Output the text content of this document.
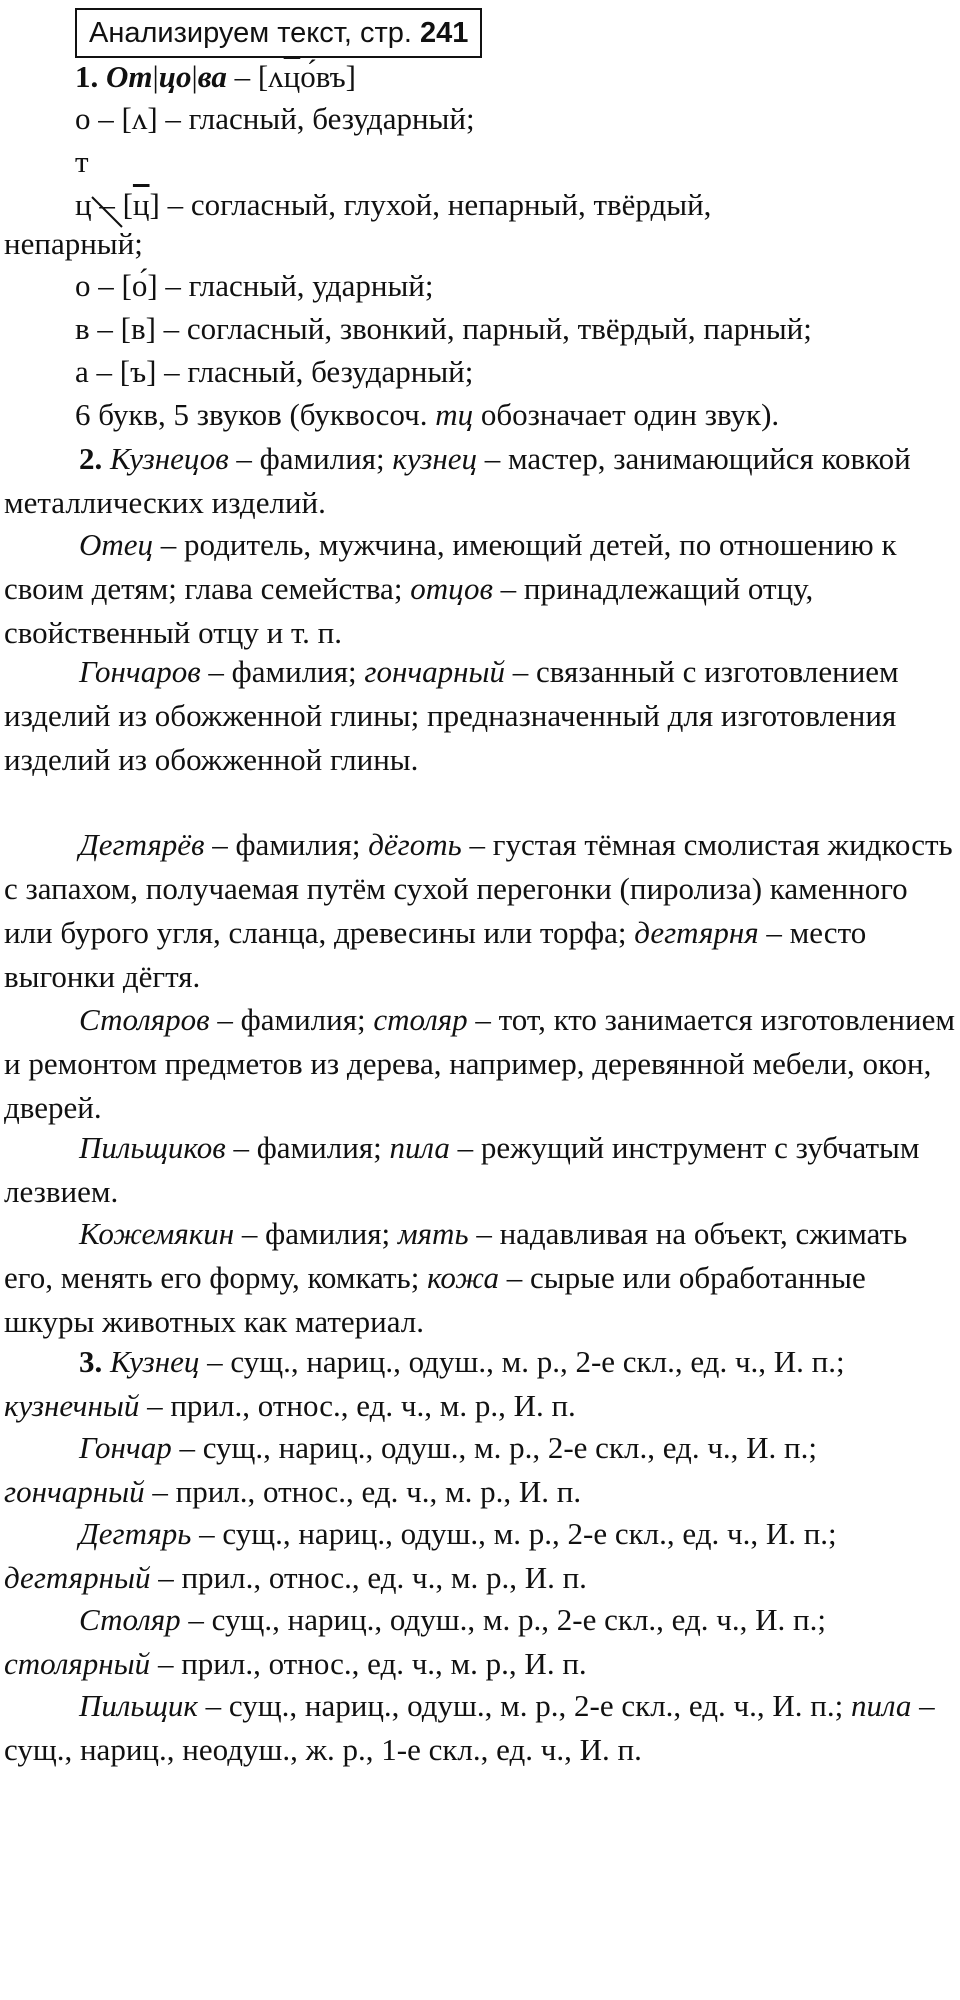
Анализируем текст, стр. 241

1. От|цо|ва – [ʌцо́въ]

о – [ʌ] – гласный, безударный;

т

ц – [ц] – согласный, глухой, непарный, твёрдый,

непарный;

о – [о́] – гласный, ударный;

в – [в] – согласный, звонкий, парный, твёрдый, парный;

а – [ъ] – гласный, безударный;

6 букв, 5 звуков (буквосоч. тц обозначает один звук).

2. Кузнецов – фамилия; кузнец – мастер, занимающийся ковкой металлических изделий.

Отец – родитель, мужчина, имеющий детей, по отношению к своим детям; глава семейства; отцов – принадлежащий отцу, свойственный отцу и т. п.

Гончаров – фамилия; гончарный – связанный с изготовлением изделий из обожженной глины; предназначенный для изготовления изделий из обожженной глины.

Дегтярёв – фамилия; дёготь – густая тёмная смолистая жидкость с запахом, получаемая путём сухой перегонки (пиролиза) каменного или бурого угля, сланца, древесины или торфа; дегтярня – место выгонки дёгтя.

Столяров – фамилия; столяр – тот, кто занимается изготовлением и ремонтом предметов из дерева, например, деревянной мебели, окон, дверей.

Пильщиков – фамилия; пила – режущий инструмент с зубчатым лезвием.

Кожемякин – фамилия; мять – надавливая на объект, сжимать его, менять его форму, комкать; кожа – сырые или обработанные шкуры животных как материал.

3. Кузнец – сущ., нариц., одуш., м. р., 2-е скл., ед. ч., И. п.; кузнечный – прил., относ., ед. ч., м. р., И. п.

Гончар – сущ., нариц., одуш., м. р., 2-е скл., ед. ч., И. п.; гончарный – прил., относ., ед. ч., м. р., И. п.

Дегтярь – сущ., нариц., одуш., м. р., 2-е скл., ед. ч., И. п.; дегтярный – прил., относ., ед. ч., м. р., И. п.

Столяр – сущ., нариц., одуш., м. р., 2-е скл., ед. ч., И. п.; столярный – прил., относ., ед. ч., м. р., И. п.

Пильщик – сущ., нариц., одуш., м. р., 2-е скл., ед. ч., И. п.; пила – сущ., нариц., неодуш., ж. р., 1-е скл., ед. ч., И. п.
